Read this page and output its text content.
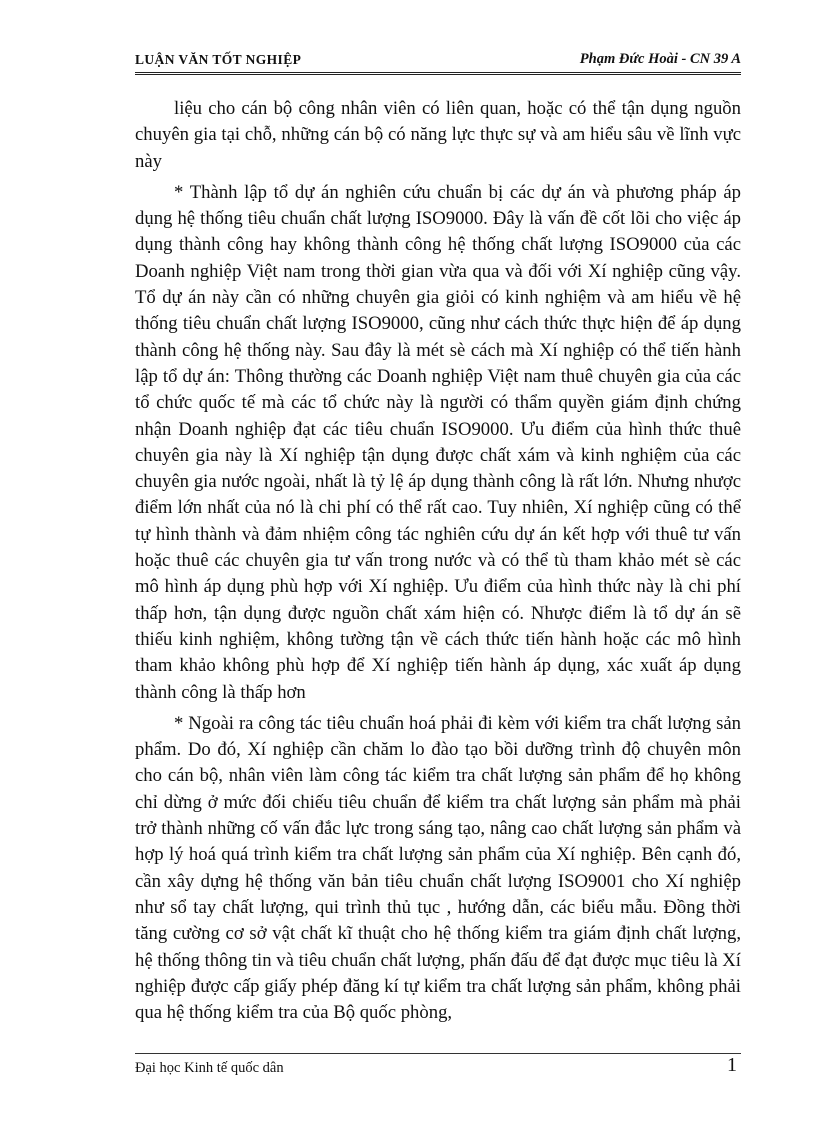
LUẬN VĂN TỐT NGHIỆP	Phạm Đức Hoài - CN 39 A

liệu cho cán bộ công nhân viên có liên quan, hoặc có thể tận dụng nguồn chuyên gia tại chỗ, những cán bộ có năng lực thực sự và am hiểu sâu về lĩnh vực này

* Thành lập tổ dự án nghiên cứu chuẩn bị các dự án và phương pháp áp dụng hệ thống tiêu chuẩn chất lượng ISO9000. Đây là vấn đề cốt lõi cho việc áp dụng thành công hay không thành công hệ thống chất lượng ISO9000 của các Doanh nghiệp Việt nam trong thời gian vừa qua và đối với Xí nghiệp cũng vậy. Tổ dự án này cần có những chuyên gia giỏi có kinh nghiệm và am hiểu về hệ thống tiêu chuẩn chất lượng ISO9000, cũng như cách thức thực hiện để áp dụng thành công hệ thống này. Sau đây là mét sè cách mà Xí nghiệp có thể tiến hành lập tổ dự án: Thông thường các Doanh nghiệp Việt nam thuê chuyên gia của các tổ chức quốc tế mà các tổ chức này là người có thẩm quyền giám định chứng nhận Doanh nghiệp đạt các tiêu chuẩn ISO9000. Ưu điểm của hình thức thuê chuyên gia này là Xí nghiệp tận dụng được chất xám và kinh nghiệm của các chuyên gia nước ngoài, nhất là tỷ lệ áp dụng thành công là rất lớn. Nhưng nhược điểm lớn nhất của nó là chi phí có thể rất cao. Tuy nhiên, Xí nghiệp cũng có thể tự hình thành và đảm nhiệm công tác nghiên cứu dự án kết hợp với thuê tư vấn hoặc thuê các chuyên gia tư vấn trong nước và có thể tù tham khảo mét sè các mô hình áp dụng phù hợp với Xí nghiệp. Ưu điểm của hình thức này là chi phí thấp hơn, tận dụng được nguồn chất xám hiện có. Nhược điểm là tổ dự án sẽ thiếu kinh nghiệm, không tường tận về cách thức tiến hành hoặc các mô hình tham khảo không phù hợp để Xí nghiệp tiến hành áp dụng, xác xuất áp dụng thành công là thấp hơn

* Ngoài ra công tác tiêu chuẩn hoá phải đi kèm với kiểm tra chất lượng sản phẩm. Do đó, Xí nghiệp cần chăm lo đào tạo bồi dưỡng trình độ chuyên môn cho cán bộ, nhân viên làm công tác kiểm tra chất lượng sản phẩm để họ không chỉ dừng ở mức đối chiếu tiêu chuẩn để kiểm tra chất lượng sản phẩm mà phải trở thành những cố vấn đắc lực trong sáng tạo, nâng cao chất lượng sản phẩm và hợp lý hoá quá trình kiểm tra chất lượng sản phẩm của Xí nghiệp. Bên cạnh đó, cần xây dựng hệ thống văn bản tiêu chuẩn chất lượng ISO9001 cho Xí nghiệp như sổ tay chất lượng, qui trình thủ tục , hướng dẫn, các biểu mẫu. Đồng thời tăng cường cơ sở vật chất kĩ thuật cho hệ thống kiểm tra giám định chất lượng, hệ thống thông tin và tiêu chuẩn chất lượng, phấn đấu để đạt được mục tiêu là Xí nghiệp được cấp giấy phép đăng kí tự kiểm tra chất lượng sản phẩm, không phải qua hệ thống kiểm tra của Bộ quốc phòng,

Đại học Kinh tế quốc dân	1
